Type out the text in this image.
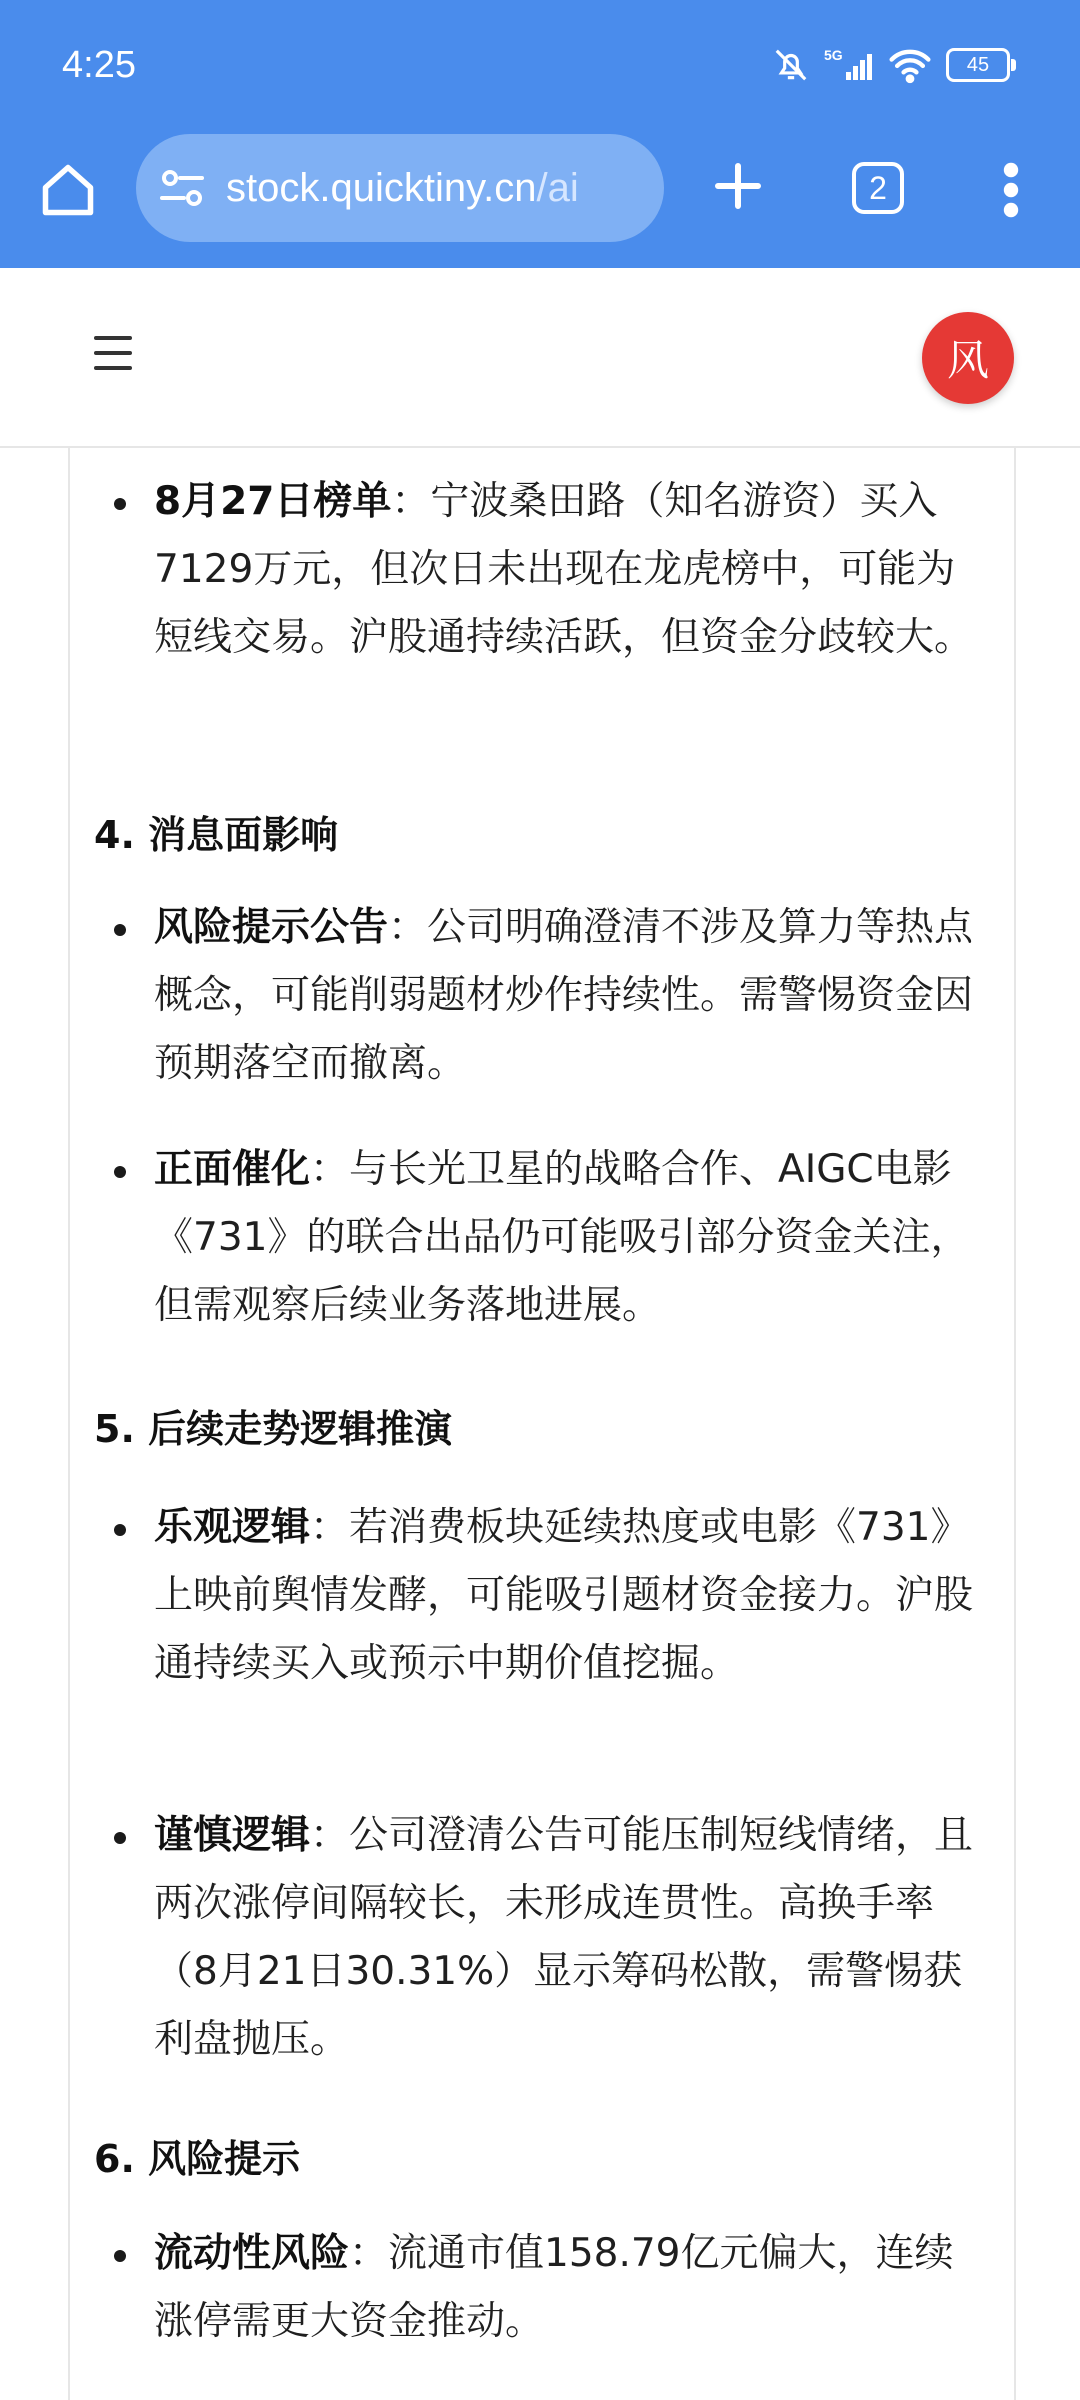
4:25	5G	45
stock.quicktiny.cn/ai	2
风

8月27日榜单：宁波桑田路（知名游资）买入7129万元，但次日未出现在龙虎榜中，可能为短线交易。沪股通持续活跃，但资金分歧较大。

4. 消息面影响

风险提示公告：公司明确澄清不涉及算力等热点概念，可能削弱题材炒作持续性。需警惕资金因预期落空而撤离。

正面催化：与长光卫星的战略合作、AIGC电影《731》的联合出品仍可能吸引部分资金关注，但需观察后续业务落地进展。

5. 后续走势逻辑推演

乐观逻辑：若消费板块延续热度或电影《731》上映前舆情发酵，可能吸引题材资金接力。沪股通持续买入或预示中期价值挖掘。

谨慎逻辑：公司澄清公告可能压制短线情绪，且两次涨停间隔较长，未形成连贯性。高换手率（8月21日30.31%）显示筹码松散，需警惕获利盘抛压。

6. 风险提示

流动性风险：流通市值158.79亿元偏大，连续涨停需更大资金推动。
